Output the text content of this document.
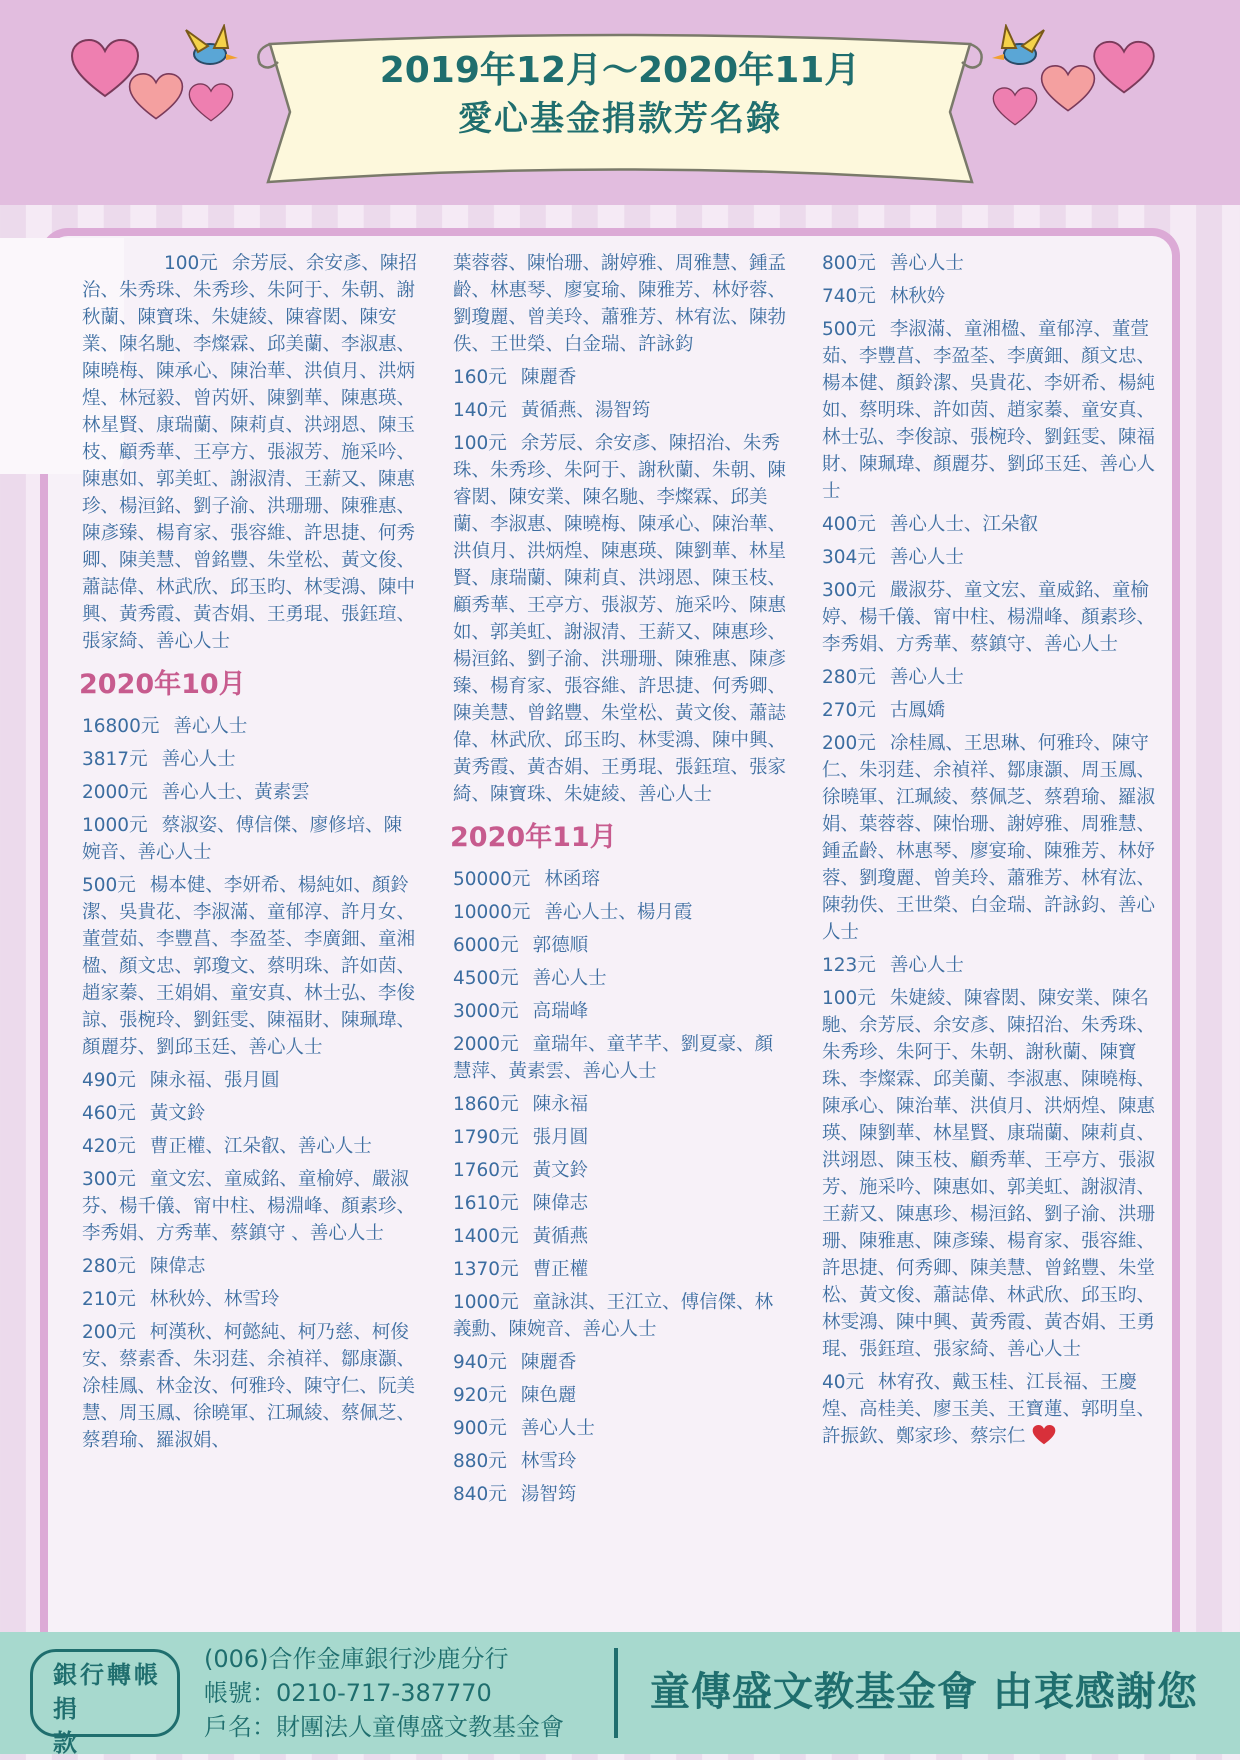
2019年12月～2020年11月
愛心基金捐款芳名錄
100元 余芳辰、余安彥、陳招治、朱秀珠、朱秀珍、朱阿于、朱朝、謝秋蘭、陳寶珠、朱婕綾、陳睿閎、陳安業、陳名馳、李燦霖、邱美蘭、李淑惠、陳曉梅、陳承心、陳治華、洪偵月、洪炳煌、林冠毅、曾芮妍、陳劉華、陳惠瑛、林星賢、康瑞蘭、陳莉貞、洪翊恩、陳玉枝、顧秀華、王亭方、張淑芳、施采吟、陳惠如、郭美虹、謝淑清、王薪又、陳惠珍、楊洹銘、劉子渝、洪珊珊、陳雅惠、陳彥臻、楊育家、張容維、許思捷、何秀卿、陳美慧、曾銘豐、朱堂松、黃文俊、蕭誌偉、林武欣、邱玉昀、林雯鴻、陳中興、黃秀霞、黃杏娟、王勇琨、張鈺瑄、張家綺、善心人士
2020年10月
16800元 善心人士
3817元 善心人士
2000元 善心人士、黃素雲
1000元 蔡淑姿、傅信傑、廖修培、陳婉音、善心人士
500元 楊本健、李妍希、楊純如、顏鈴潔、吳貴花、李淑滿、童郁淳、許月女、董萱茹、李豐菖、李盈荃、李廣鈿、童湘楹、顏文忠、郭瓊文、蔡明珠、許如茵、趙家蓁、王娟娟、童安真、林士弘、李俊諒、張椀玲、劉鈺雯、陳福財、陳珮瑋、顏麗芬、劉邱玉廷、善心人士
490元 陳永福、張月圓
460元 黃文鈴
420元 曹正權、江朵叡、善心人士
300元 童文宏、童威銘、童榆婷、嚴淑芬、楊千儀、甯中柱、楊淵峰、顏素珍、李秀娟、方秀華、蔡鎮守 、善心人士
280元 陳偉志
210元 林秋妗、林雪玲
200元 柯漢秋、柯懿純、柯乃慈、柯俊安、蔡素香、朱羽莛、余禎祥、鄒康灝、凃桂鳳、林金汝、何雅玲、陳守仁、阮美慧、周玉鳳、徐曉軍、江珮綾、蔡佩芝、蔡碧瑜、羅淑娟、
葉蓉蓉、陳怡珊、謝婷雅、周雅慧、鍾孟齡、林惠琴、廖宴瑜、陳雅芳、林妤蓉、劉瓊麗、曾美玲、蕭雅芳、林宥汯、陳勃佚、王世榮、白金瑞、許詠鈞
160元 陳麗香
140元 黃循燕、湯智筠
100元 余芳辰、余安彥、陳招治、朱秀珠、朱秀珍、朱阿于、謝秋蘭、朱朝、陳睿閎、陳安業、陳名馳、李燦霖、邱美蘭、李淑惠、陳曉梅、陳承心、陳治華、洪偵月、洪炳煌、陳惠瑛、陳劉華、林星賢、康瑞蘭、陳莉貞、洪翊恩、陳玉枝、顧秀華、王亭方、張淑芳、施采吟、陳惠如、郭美虹、謝淑清、王薪又、陳惠珍、楊洹銘、劉子渝、洪珊珊、陳雅惠、陳彥臻、楊育家、張容維、許思捷、何秀卿、陳美慧、曾銘豐、朱堂松、黃文俊、蕭誌偉、林武欣、邱玉昀、林雯鴻、陳中興、黃秀霞、黃杏娟、王勇琨、張鈺瑄、張家綺、陳寶珠、朱婕綾、善心人士
2020年11月
50000元 林函瑢
10000元 善心人士、楊月霞
6000元 郭德順
4500元 善心人士
3000元 高瑞峰
2000元 童瑞年、童芊芊、劉夏豪、顏慧萍、黃素雲、善心人士
1860元 陳永福
1790元 張月圓
1760元 黃文鈴
1610元 陳偉志
1400元 黃循燕
1370元 曹正權
1000元 童詠淇、王江立、傅信傑、林義勳、陳婉音、善心人士
940元 陳麗香
920元 陳色麗
900元 善心人士
880元 林雪玲
840元 湯智筠
800元 善心人士
740元 林秋妗
500元 李淑滿、童湘楹、童郁淳、董萱茹、李豐菖、李盈荃、李廣鈿、顏文忠、楊本健、顏鈴潔、吳貴花、李妍希、楊純如、蔡明珠、許如茵、趙家蓁、童安真、林士弘、李俊諒、張椀玲、劉鈺雯、陳福財、陳珮瑋、顏麗芬、劉邱玉廷、善心人士
400元 善心人士、江朵叡
304元 善心人士
300元 嚴淑芬、童文宏、童威銘、童榆婷、楊千儀、甯中柱、楊淵峰、顏素珍、李秀娟、方秀華、蔡鎮守、善心人士
280元 善心人士
270元 古鳳嬌
200元 凃桂鳳、王思琳、何雅玲、陳守仁、朱羽莛、余禎祥、鄒康灝、周玉鳳、徐曉軍、江珮綾、蔡佩芝、蔡碧瑜、羅淑娟、葉蓉蓉、陳怡珊、謝婷雅、周雅慧、鍾孟齡、林惠琴、廖宴瑜、陳雅芳、林妤蓉、劉瓊麗、曾美玲、蕭雅芳、林宥汯、陳勃佚、王世榮、白金瑞、許詠鈞、善心人士
123元 善心人士
100元 朱婕綾、陳睿閎、陳安業、陳名馳、余芳辰、余安彥、陳招治、朱秀珠、朱秀珍、朱阿于、朱朝、謝秋蘭、陳寶珠、李燦霖、邱美蘭、李淑惠、陳曉梅、陳承心、陳治華、洪偵月、洪炳煌、陳惠瑛、陳劉華、林星賢、康瑞蘭、陳莉貞、洪翊恩、陳玉枝、顧秀華、王亭方、張淑芳、施采吟、陳惠如、郭美虹、謝淑清、王薪又、陳惠珍、楊洹銘、劉子渝、洪珊珊、陳雅惠、陳彥臻、楊育家、張容維、許思捷、何秀卿、陳美慧、曾銘豐、朱堂松、黃文俊、蕭誌偉、林武欣、邱玉昀、林雯鴻、陳中興、黃秀霞、黃杏娟、王勇琨、張鈺瑄、張家綺、善心人士
40元 林宥孜、戴玉桂、江長福、王慶煌、高桂美、廖玉美、王寶蓮、郭明皇、許振欽、鄭家珍、蔡宗仁
銀行轉帳
捐款
(006)合作金庫銀行沙鹿分行
帳號：0210-717-387770
戶名：財團法人童傳盛文教基金會
童傳盛文教基金會 由衷感謝您
